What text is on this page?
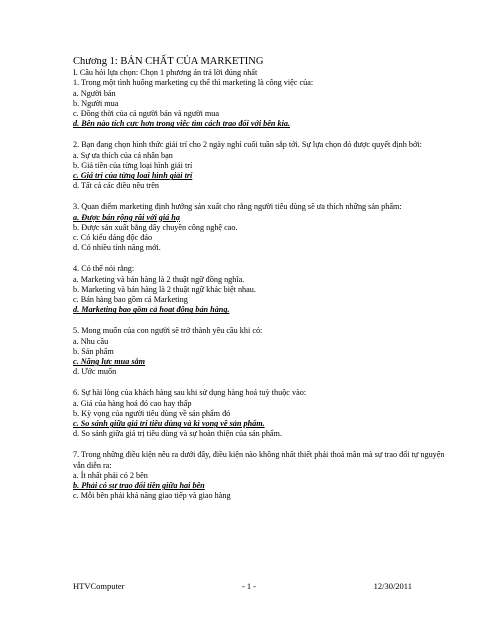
Chương 1: BẢN CHẤT CỦA MARKETING
I. Câu hỏi lựa chọn: Chọn 1 phương án trả lời đúng nhất
1. Trong một tình huống marketing cụ thể thì marketing là công việc của:
a. Người bán
b. Người mua
c. Đồng thời của cả người bán và người mua
d. Bên nào tích cực hơn trong việc tìm cách trao đổi với bên kia.
2. Bạn đang chọn hình thức giải trí cho 2 ngày nghỉ cuối tuần sắp tới. Sự lựa chọn đó được quyết định bởi:
a. Sự ưa thích của cá nhân bạn
b. Giá tiền của từng loại hình giải trí
c. Giá trị của từng loại hình giải trí
d. Tất cả các điều nêu trên
3. Quan điểm marketing định hướng sản xuất cho rằng người tiêu dùng sẽ ưa thích những sản phẩm:
a. Được bán rộng rãi với giá hạ
b. Được sản xuất bằng dây chuyền công nghệ cao.
c. Có kiểu dáng độc đáo
d. Có nhiều tính năng mới.
4. Có thể nói rằng:
a. Marketing và bán hàng là 2 thuật ngữ đồng nghĩa.
b. Marketing và bán hàng là 2 thuật ngữ khác biệt nhau.
c. Bán hàng bao gồm cả Marketing
d. Marketing bao gồm cả hoạt động bán hàng.
5. Mong muốn của con người sẽ trở thành yêu cầu khi có:
a. Nhu cầu
b. Sản phẩm
c. Năng lực mua sắm
d. Ước muốn
6. Sự hài lòng của khách hàng sau khi sử dụng hàng hoá tuỳ thuộc vào:
a. Giá của hàng hoá đó cao hay thấp
b. Kỳ vọng của người tiêu dùng về sản phẩm đó
c. So sánh giữa giá trị tiêu dùng và kì vọng về sản phẩm.
d. So sánh giữa giá trị tiêu dùng và sự hoàn thiện của sản phẩm.
7. Trong những điều kiện nêu ra dưới đây, điều kiện nào không nhất thiết phải thoả mãn mà sự trao đổi tự nguyện vẫn diễn ra:
a. Ít nhất phải có 2 bên
b. Phải có sự trao đổi tiền giữa hai bên
c. Mỗi bên phải khả năng giao tiếp và giao hàng
HTVComputer	- 1 -	12/30/2011
